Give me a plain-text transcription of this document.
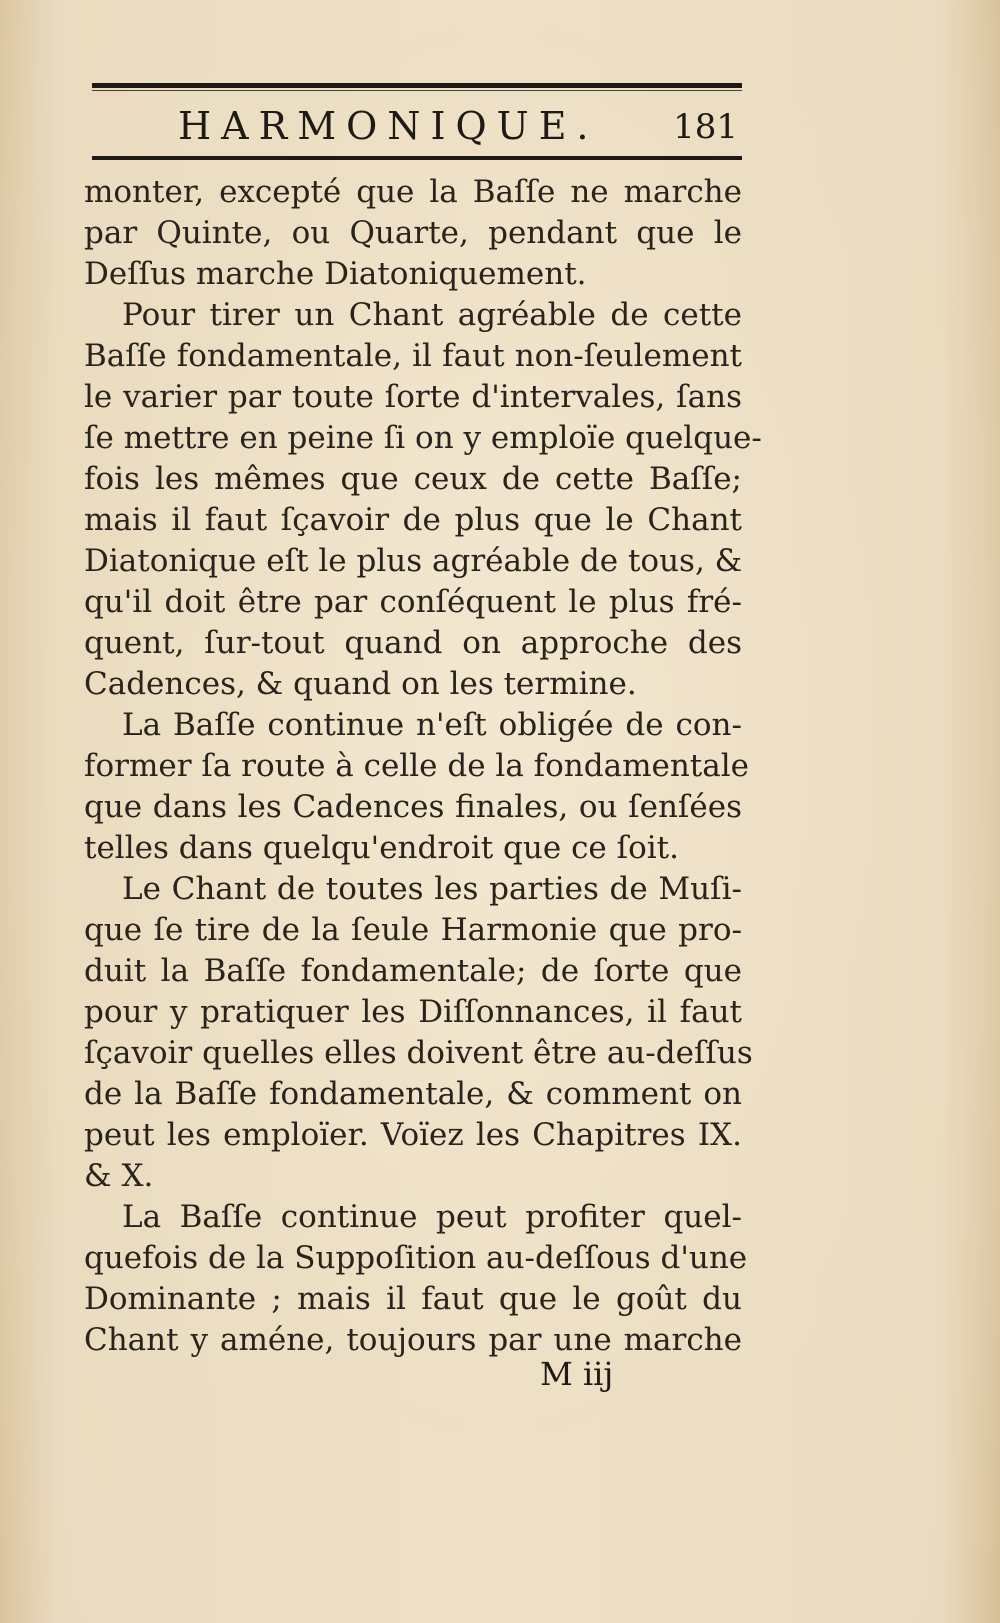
HARMONIQUE. 181
monter, excepté que la Baſſe ne marche
par Quinte, ou Quarte, pendant que le
Deſſus marche Diatoniquement.
Pour tirer un Chant agréable de cette
Baſſe fondamentale, il faut non-ſeulement
le varier par toute ſorte d'intervales, ſans
ſe mettre en peine ſi on y emploïe quelque-
fois les mêmes que ceux de cette Baſſe;
mais il faut ſçavoir de plus que le Chant
Diatonique eſt le plus agréable de tous, &
qu'il doit être par conſéquent le plus fré-
quent, ſur-tout quand on approche des
Cadences, & quand on les termine.
La Baſſe continue n'eſt obligée de con-
former ſa route à celle de la fondamentale
que dans les Cadences finales, ou ſenſées
telles dans quelqu'endroit que ce ſoit.
Le Chant de toutes les parties de Muſi-
que ſe tire de la ſeule Harmonie que pro-
duit la Baſſe fondamentale; de ſorte que
pour y pratiquer les Diſſonnances, il faut
ſçavoir quelles elles doivent être au-deſſus
de la Baſſe fondamentale, & comment on
peut les emploïer. Voïez les Chapitres IX.
& X.
La Baſſe continue peut profiter quel-
quefois de la Suppoſition au-deſſous d'une
Dominante ; mais il faut que le goût du
Chant y améne, toujours par une marche
M iij
